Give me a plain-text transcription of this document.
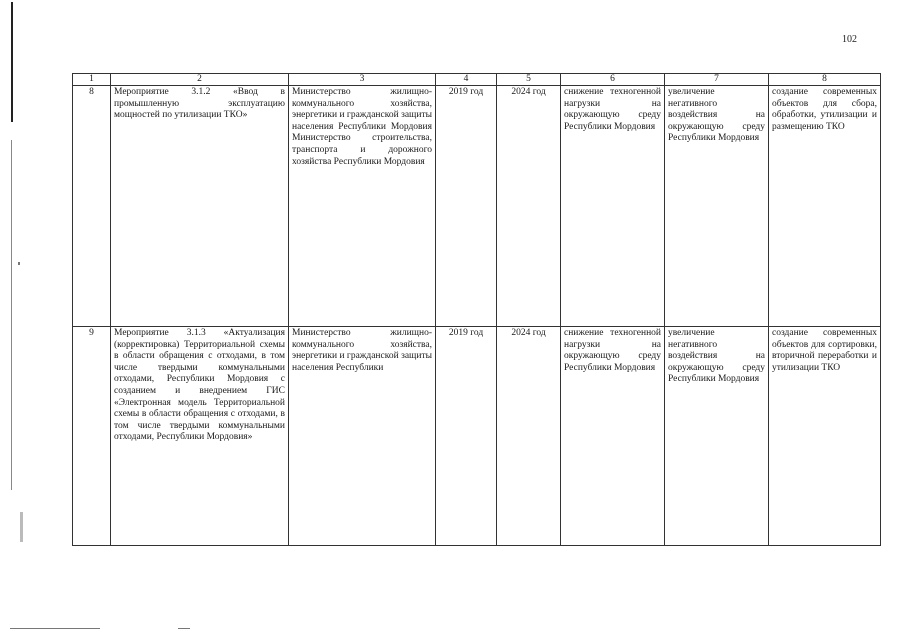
102
1	2	3	4	5	6	7	8
8	Мероприятие 3.1.2 «Ввод в промышленную эксплуатацию мощностей по утилизации ТКО»	Министерство жилищно-коммунального хозяйства, энергетики и гражданской защиты населения Республики Мордовия Министерство строительства, транспорта и дорожного хозяйства Республики Мордовия	2019 год	2024 год	снижение техногенной нагрузки на окружающую среду Республики Мордовия	увеличение негативного воздействия на окружающую среду Республики Мордовия	создание современных объектов для сбора, обработки, утилизации и размещению ТКО
9	Мероприятие 3.1.3 «Актуализация (корректировка) Территориальной схемы в области обращения с отходами, в том числе твердыми коммунальными отходами, Республики Мордовия с созданием и внедрением ГИС «Электронная модель Территориальной схемы в области обращения с отходами, в том числе твердыми коммунальными отходами, Республики Мордовия»	Министерство жилищно-коммунального хозяйства, энергетики и гражданской защиты населения Республики	2019 год	2024 год	снижение техногенной нагрузки на окружающую среду Республики Мордовия	увеличение негативного воздействия на окружающую среду Республики Мордовия	создание современных объектов для сортировки, вторичной переработки и утилизации ТКО
